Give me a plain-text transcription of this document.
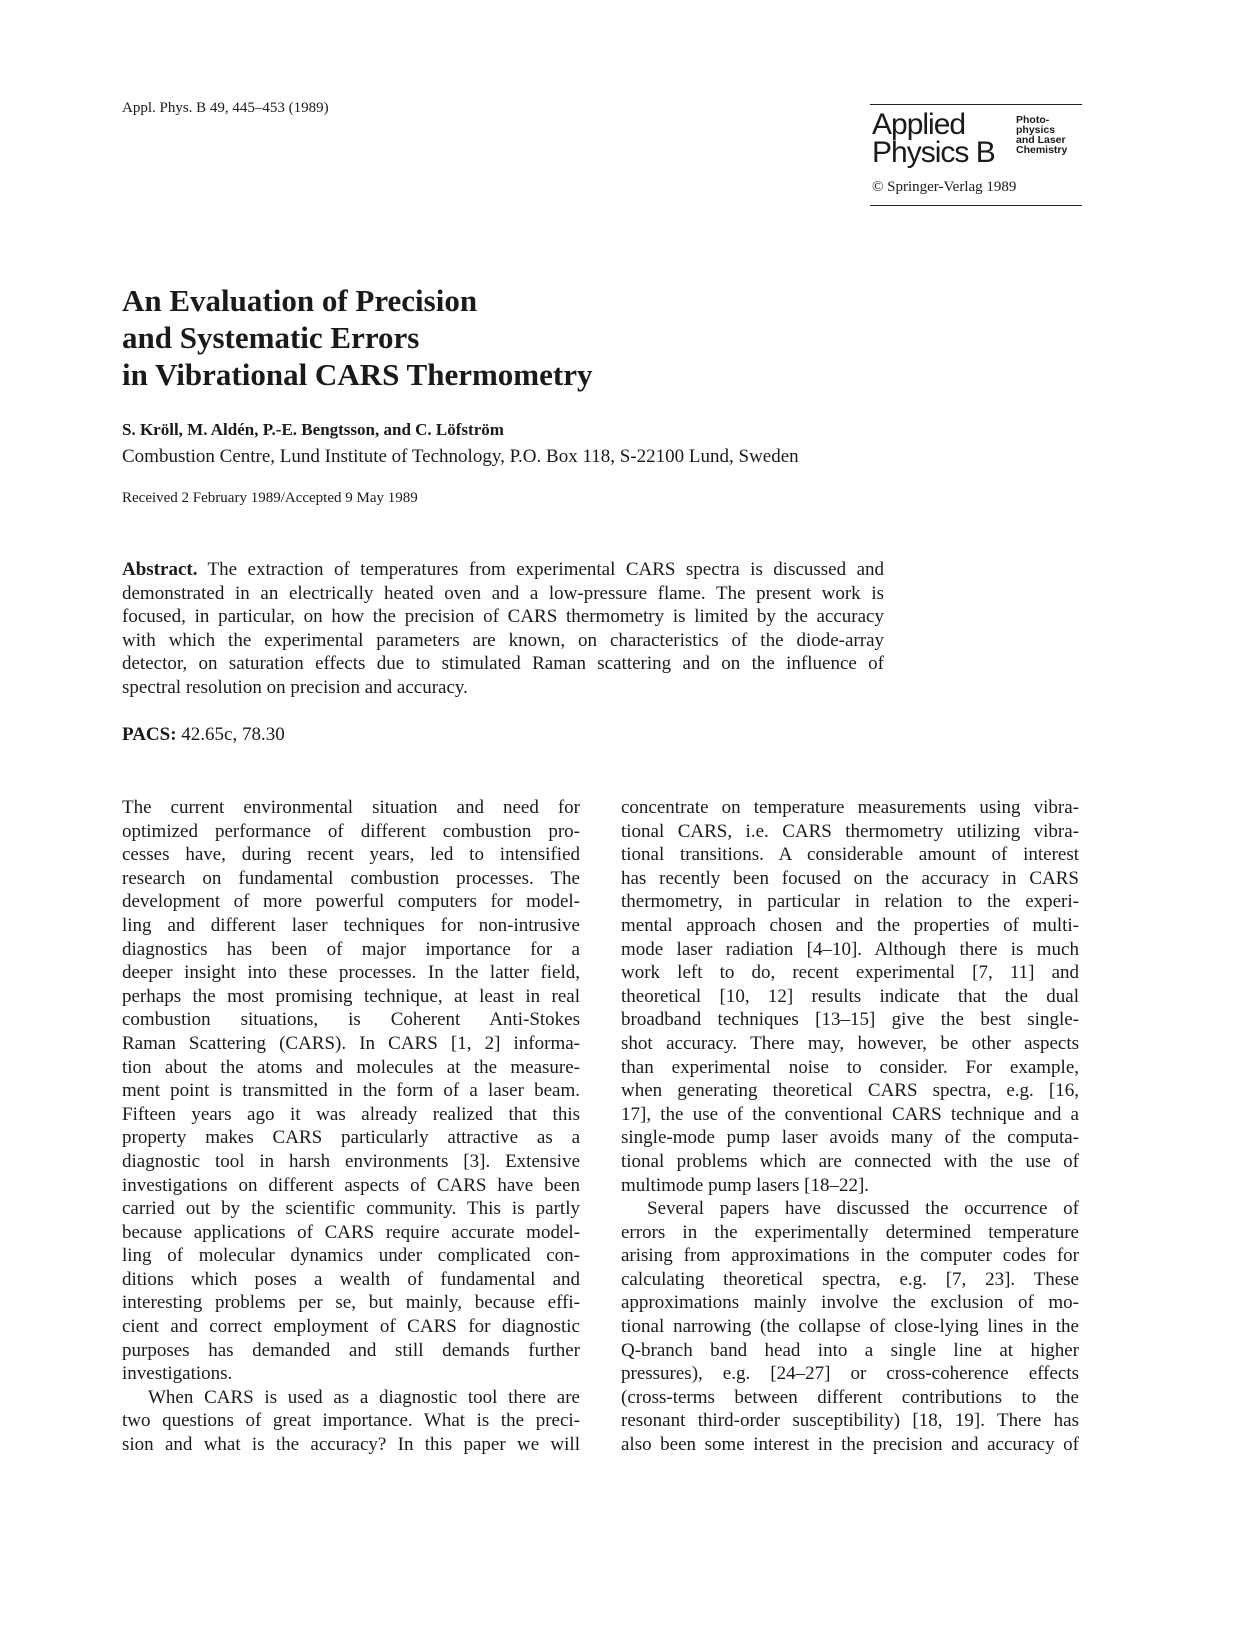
Appl. Phys. B 49, 445–453 (1989)	Applied
Physics B
Photo-
physics
and Laser
Chemistry
© Springer-Verlag 1989
An Evaluation of Precision
and Systematic Errors
in Vibrational CARS Thermometry
S. Kröll, M. Aldén, P.-E. Bengtsson, and C. Löfström
Combustion Centre, Lund Institute of Technology, P.O. Box 118, S-22100 Lund, Sweden
Received 2 February 1989/Accepted 9 May 1989
Abstract. The extraction of temperatures from experimental CARS spectra is discussed and
demonstrated in an electrically heated oven and a low-pressure flame. The present work is
focused, in particular, on how the precision of CARS thermometry is limited by the accuracy
with which the experimental parameters are known, on characteristics of the diode-array
detector, on saturation effects due to stimulated Raman scattering and on the influence of
spectral resolution on precision and accuracy.
PACS: 42.65c, 78.30
The current environmental situation and need for
optimized performance of different combustion pro-
cesses have, during recent years, led to intensified
research on fundamental combustion processes. The
development of more powerful computers for model-
ling and different laser techniques for non-intrusive
diagnostics has been of major importance for a
deeper insight into these processes. In the latter field,
perhaps the most promising technique, at least in real
combustion situations, is Coherent Anti-Stokes
Raman Scattering (CARS). In CARS [1, 2] informa-
tion about the atoms and molecules at the measure-
ment point is transmitted in the form of a laser beam.
Fifteen years ago it was already realized that this
property makes CARS particularly attractive as a
diagnostic tool in harsh environments [3]. Extensive
investigations on different aspects of CARS have been
carried out by the scientific community. This is partly
because applications of CARS require accurate model-
ling of molecular dynamics under complicated con-
ditions which poses a wealth of fundamental and
interesting problems per se, but mainly, because effi-
cient and correct employment of CARS for diagnostic
purposes has demanded and still demands further
investigations.
When CARS is used as a diagnostic tool there are
two questions of great importance. What is the preci-
sion and what is the accuracy? In this paper we will
concentrate on temperature measurements using vibra-
tional CARS, i.e. CARS thermometry utilizing vibra-
tional transitions. A considerable amount of interest
has recently been focused on the accuracy in CARS
thermometry, in particular in relation to the experi-
mental approach chosen and the properties of multi-
mode laser radiation [4–10]. Although there is much
work left to do, recent experimental [7, 11] and
theoretical [10, 12] results indicate that the dual
broadband techniques [13–15] give the best single-
shot accuracy. There may, however, be other aspects
than experimental noise to consider. For example,
when generating theoretical CARS spectra, e.g. [16,
17], the use of the conventional CARS technique and a
single-mode pump laser avoids many of the computa-
tional problems which are connected with the use of
multimode pump lasers [18–22].
Several papers have discussed the occurrence of
errors in the experimentally determined temperature
arising from approximations in the computer codes for
calculating theoretical spectra, e.g. [7, 23]. These
approximations mainly involve the exclusion of mo-
tional narrowing (the collapse of close-lying lines in the
Q-branch band head into a single line at higher
pressures), e.g. [24–27] or cross-coherence effects
(cross-terms between different contributions to the
resonant third-order susceptibility) [18, 19]. There has
also been some interest in the precision and accuracy of
